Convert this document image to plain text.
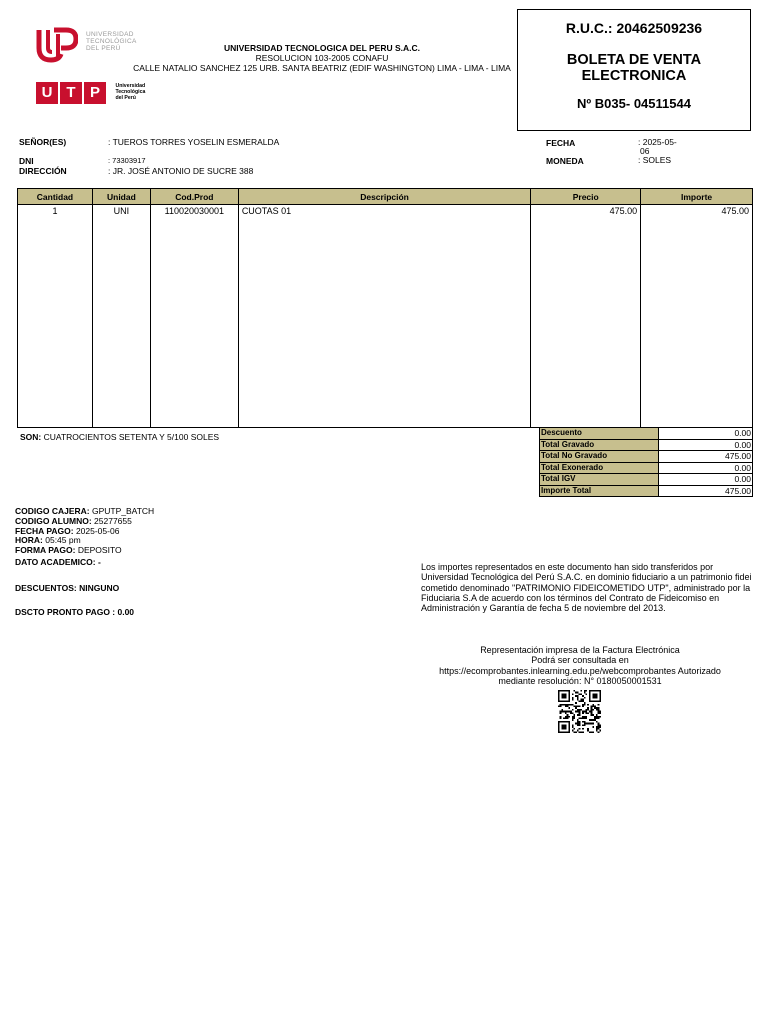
UNIVERSIDAD
TECNOLÓGICA
DEL PERÚ
U T P	Universidad
Tecnológica
del Perú
UNIVERSIDAD TECNOLOGICA DEL PERU S.A.C.
RESOLUCION 103-2005 CONAFU
CALLE NATALIO SANCHEZ 125 URB. SANTA BEATRIZ (EDIF WASHINGTON) LIMA - LIMA - LIMA
R.U.C.: 20462509236
BOLETA DE VENTA
ELECTRONICA
Nº B035- 04511544
SEÑOR(ES)	: TUEROS TORRES YOSELIN ESMERALDA
DNI	: 73303917
DIRECCIÓN	: JR. JOSÉ ANTONIO DE SUCRE 388
FECHA	: 2025-05-
06
MONEDA	: SOLES
Cantidad	Unidad	Cod.Prod	Descripción	Precio	Importe
1	UNI	110020030001	CUOTAS 01	475.00	475.00
SON: CUATROCIENTOS SETENTA Y 5/100 SOLES	Descuento	0.00
Total Gravado	0.00
Total No Gravado	475.00
Total Exonerado	0.00
Total IGV	0.00
Importe Total	475.00
CODIGO CAJERA: GPUTP_BATCH
CODIGO ALUMNO: 25277655
FECHA PAGO: 2025-05-06
HORA: 05:45 pm
FORMA PAGO: DEPOSITO
DATO ACADEMICO: -
DESCUENTOS: NINGUNO
DSCTO PRONTO PAGO : 0.00
Los importes representados en este documento han sido transferidos por Universidad Tecnológica del Perú S.A.C. en dominio fiduciario a un patrimonio fidei cometido denominado "PATRIMONIO FIDEICOMETIDO UTP", administrado por la Fiduciaria S.A de acuerdo con los términos del Contrato de Fideicomiso en Administración y Garantía de fecha 5 de noviembre del 2013.
Representación impresa de la Factura Electrónica
Podrá ser consultada en
https://ecomprobantes.inlearning.edu.pe/webcomprobantes Autorizado
mediante resolución: N° 0180050001531
